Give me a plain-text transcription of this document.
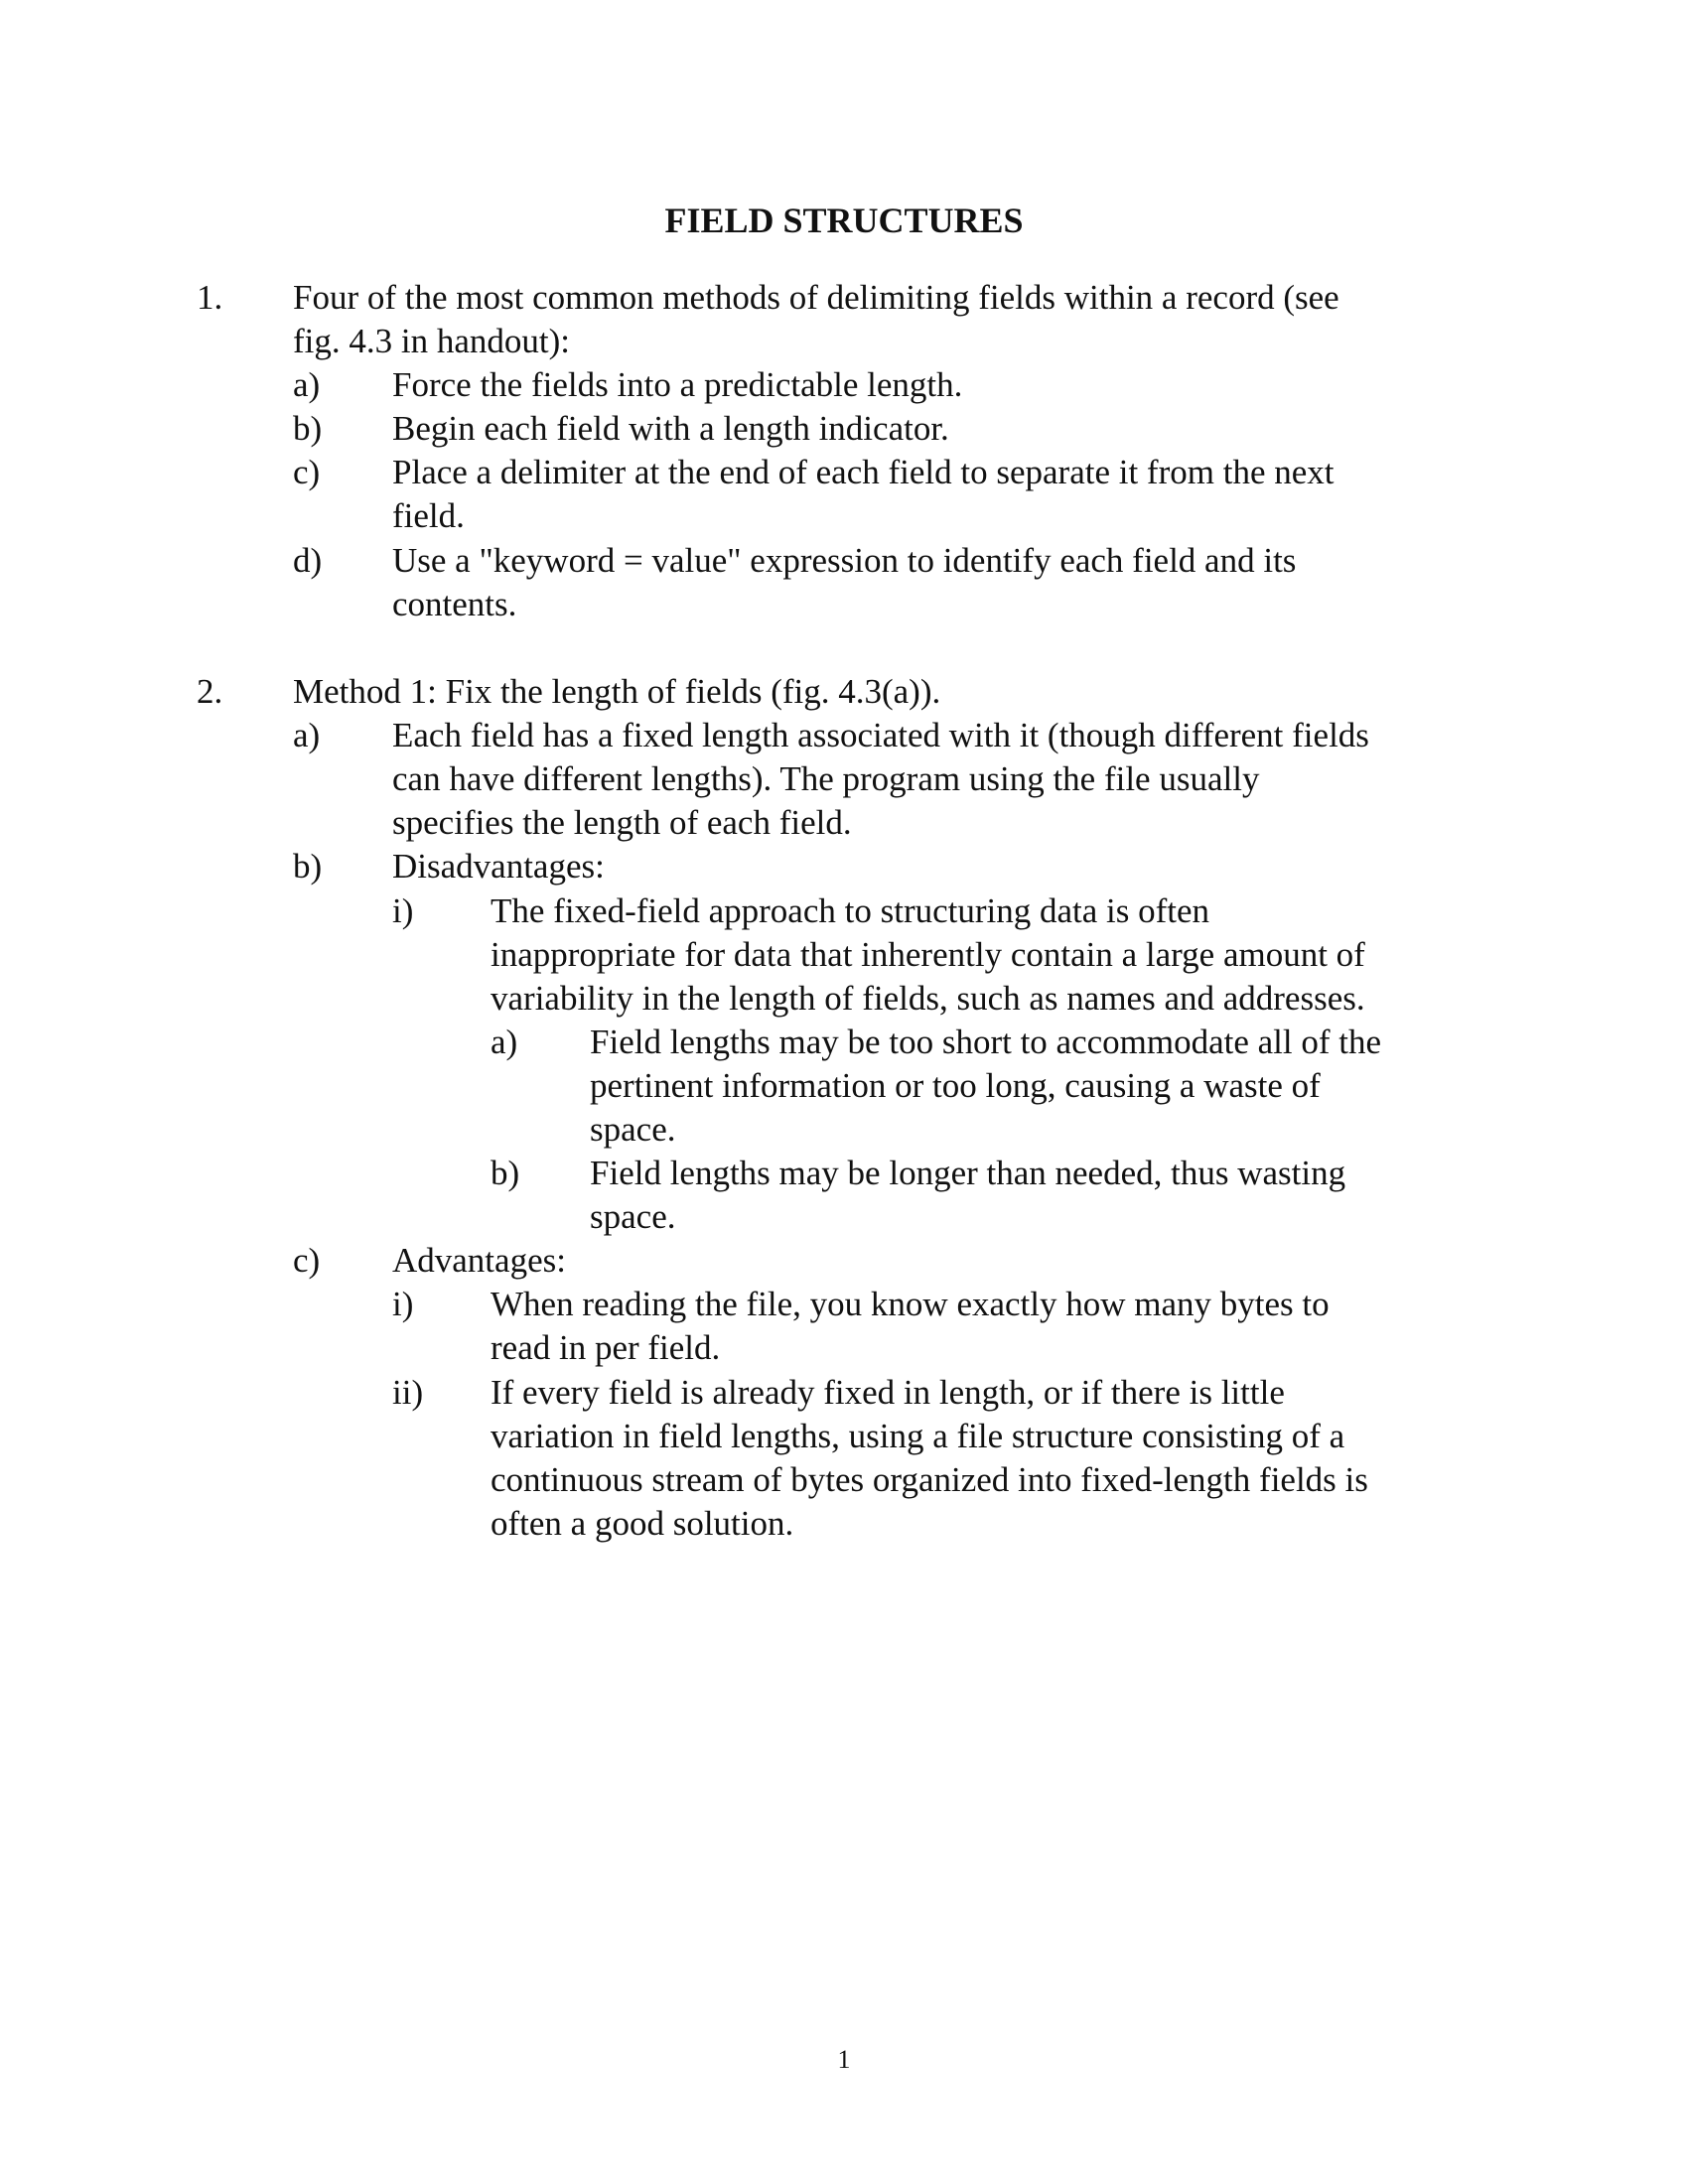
FIELD STRUCTURES
1. Four of the most common methods of delimiting fields within a record (see
fig. 4.3 in handout):
a) Force the fields into a predictable length.
b) Begin each field with a length indicator.
c) Place a delimiter at the end of each field to separate it from the next
field.
d) Use a "keyword = value" expression to identify each field and its
contents.
2. Method 1: Fix the length of fields (fig. 4.3(a)).
a) Each field has a fixed length associated with it (though different fields
can have different lengths). The program using the file usually
specifies the length of each field.
b) Disadvantages:
i) The fixed-field approach to structuring data is often
inappropriate for data that inherently contain a large amount of
variability in the length of fields, such as names and addresses.
a) Field lengths may be too short to accommodate all of the
pertinent information or too long, causing a waste of
space.
b) Field lengths may be longer than needed, thus wasting
space.
c) Advantages:
i) When reading the file, you know exactly how many bytes to
read in per field.
ii) If every field is already fixed in length, or if there is little
variation in field lengths, using a file structure consisting of a
continuous stream of bytes organized into fixed-length fields is
often a good solution.
1
